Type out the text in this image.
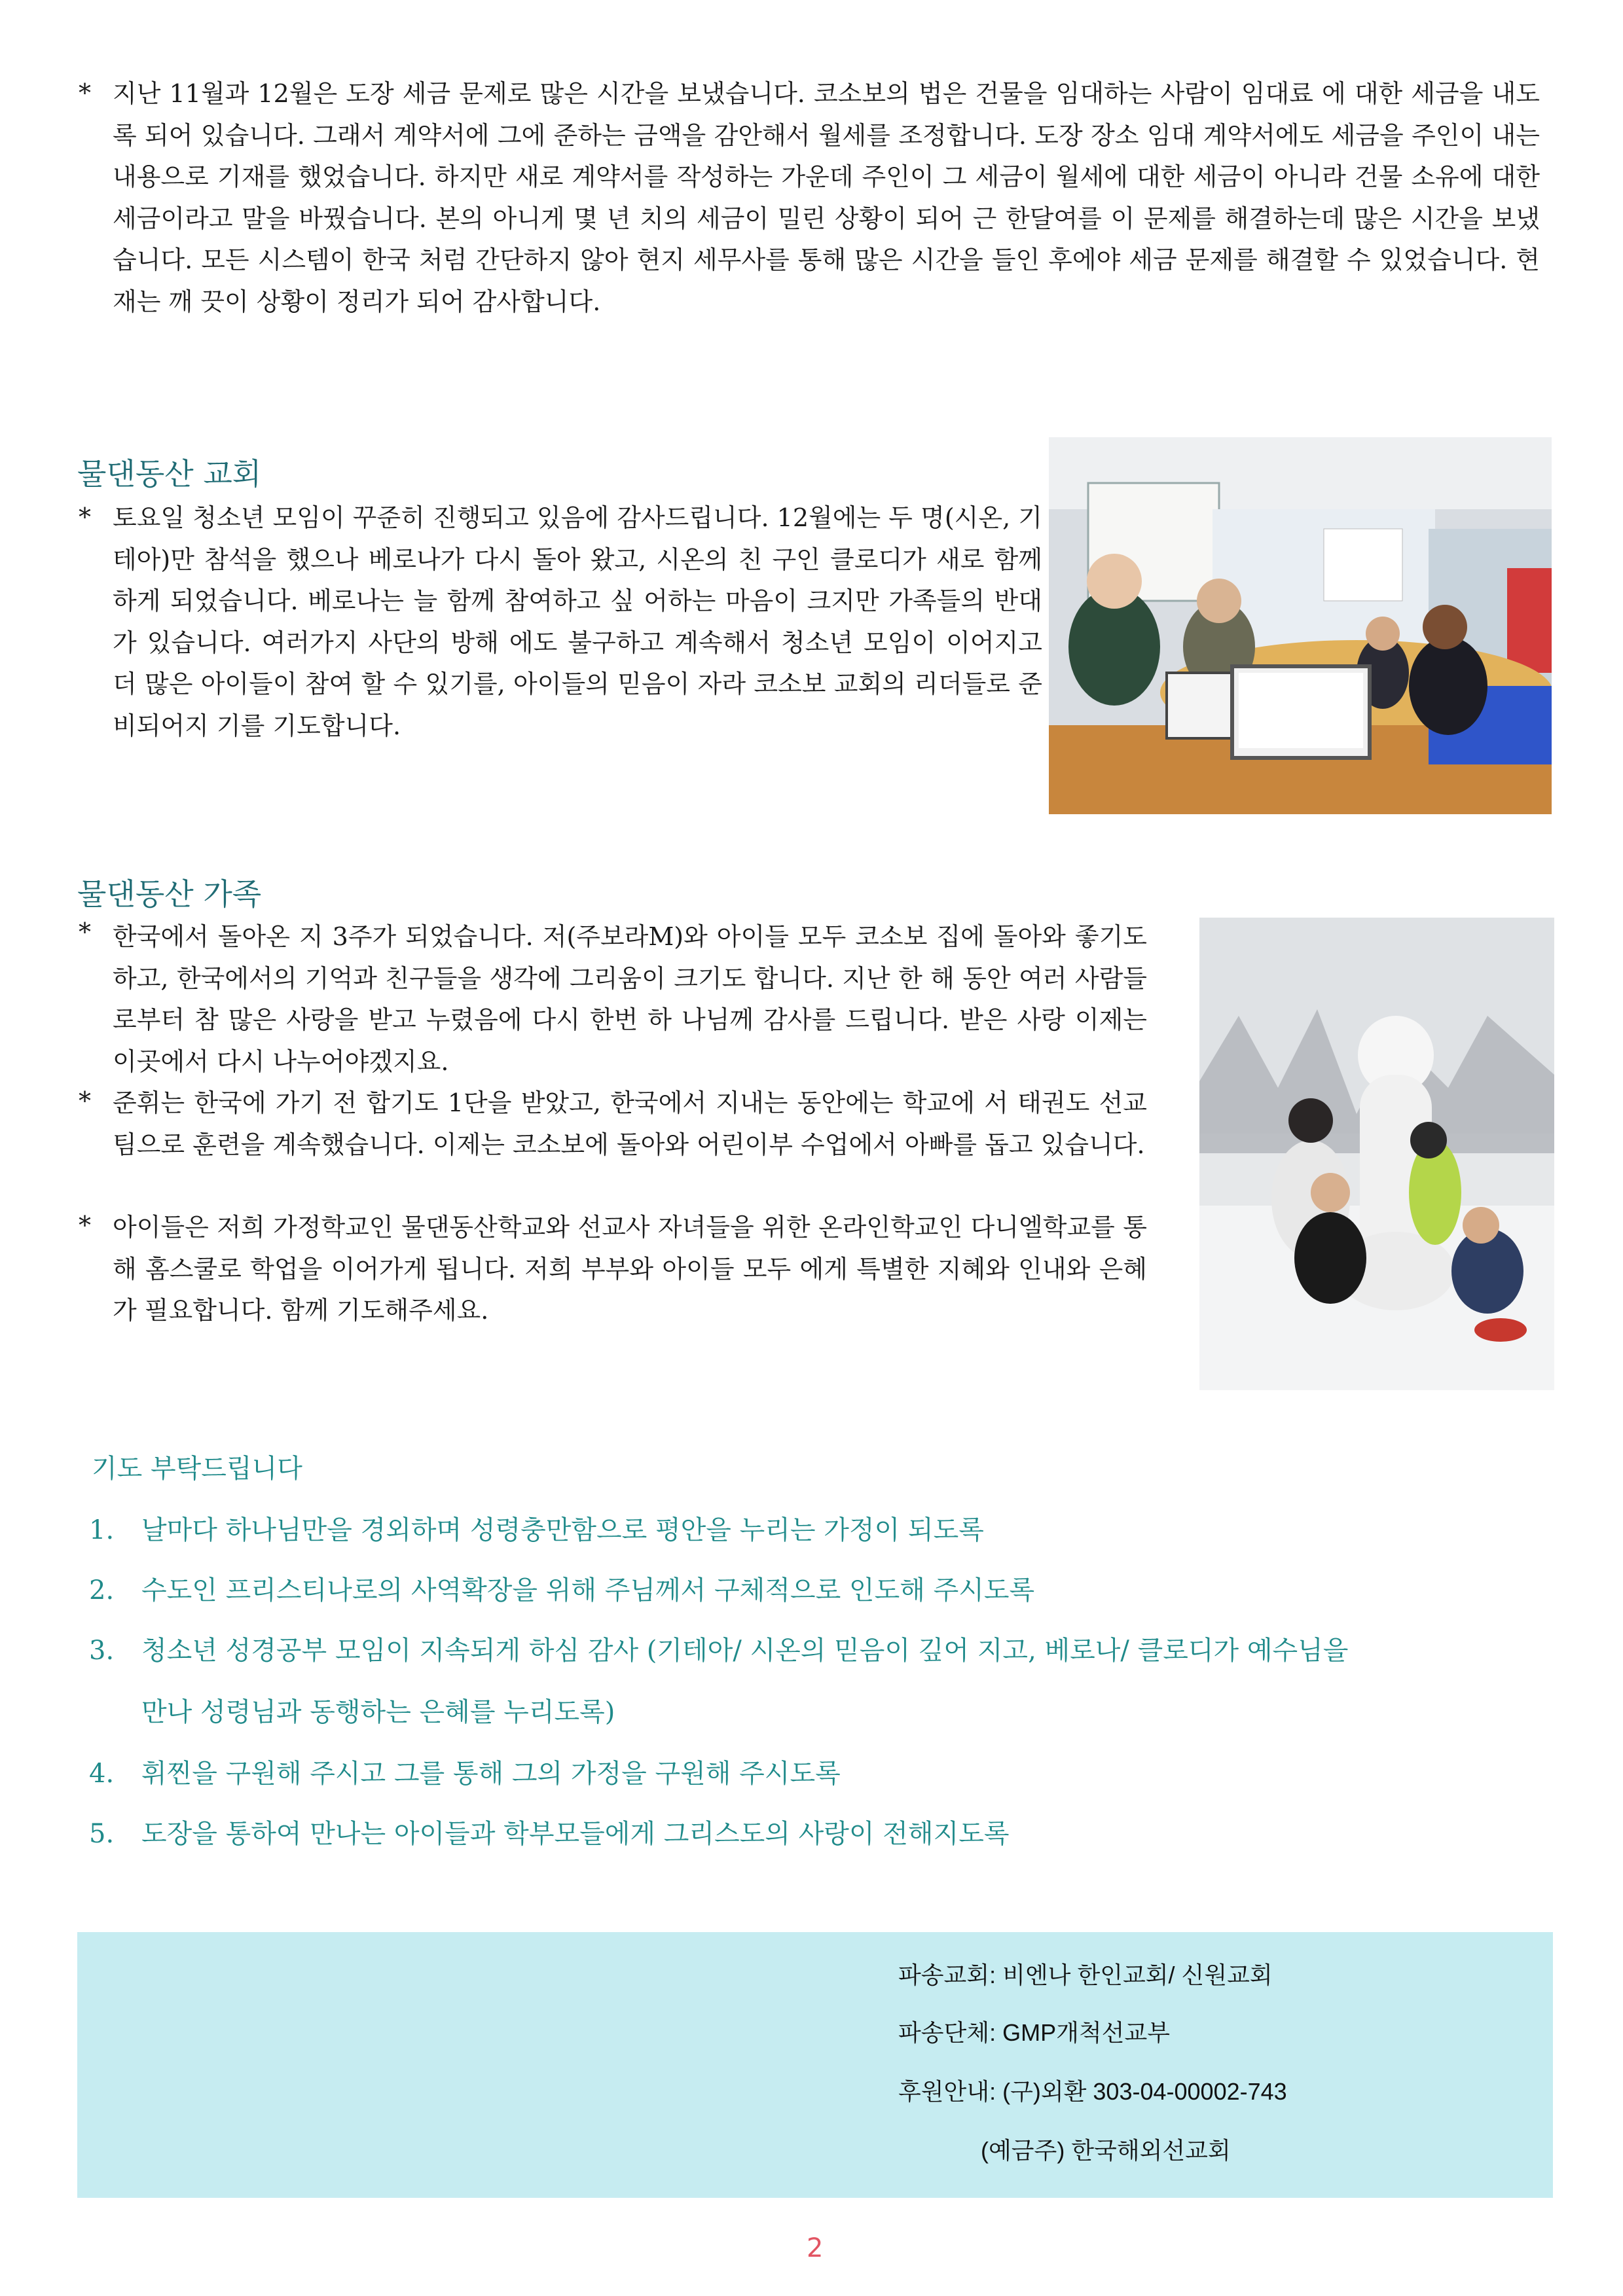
* 지난 11월과 12월은 도장 세금 문제로 많은 시간을 보냈습니다. 코소보의 법은 건물을 임대하는 사람이 임대료 에 대한 세금을 내도록 되어 있습니다. 그래서 계약서에 그에 준하는 금액을 감안해서 월세를 조정합니다. 도장 장소 임대 계약서에도 세금을 주인이 내는 내용으로 기재를 했었습니다. 하지만 새로 계약서를 작성하는 가운데 주인이 그 세금이 월세에 대한 세금이 아니라 건물 소유에 대한 세금이라고 말을 바꿨습니다. 본의 아니게 몇 년 치의 세금이 밀린 상황이 되어 근 한달여를 이 문제를 해결하는데 많은 시간을 보냈습니다. 모든 시스템이 한국 처럼 간단하지 않아 현지 세무사를 통해 많은 시간을 들인 후에야 세금 문제를 해결할 수 있었습니다. 현재는 깨 끗이 상황이 정리가 되어 감사합니다.
물댄동산 교회
* 토요일 청소년 모임이 꾸준히 진행되고 있음에 감사드립니다. 12월에는 두 명(시온, 기테아)만 참석을 했으나 베로나가 다시 돌아 왔고, 시온의 친 구인 클로디가 새로 함께 하게 되었습니다. 베로나는 늘 함께 참여하고 싶 어하는 마음이 크지만 가족들의 반대가 있습니다. 여러가지 사단의 방해 에도 불구하고 계속해서 청소년 모임이 이어지고 더 많은 아이들이 참여 할 수 있기를, 아이들의 믿음이 자라 코소보 교회의 리더들로 준비되어지 기를 기도합니다.
물댄동산 가족
* 한국에서 돌아온 지 3주가 되었습니다. 저(주보라M)와 아이들 모두 코소보 집에 돌아와 좋기도 하고, 한국에서의 기억과 친구들을 생각에 그리움이 크기도 합니다. 지난 한 해 동안 여러 사람들로부터 참 많은 사랑을 받고 누렸음에 다시 한번 하 나님께 감사를 드립니다. 받은 사랑 이제는 이곳에서 다시 나누어야겠지요.
* 준휘는 한국에 가기 전 합기도 1단을 받았고, 한국에서 지내는 동안에는 학교에 서 태권도 선교팀으로 훈련을 계속했습니다. 이제는 코소보에 돌아와 어린이부 수업에서 아빠를 돕고 있습니다.
* 아이들은 저희 가정학교인 물댄동산학교와 선교사 자녀들을 위한 온라인학교인 다니엘학교를 통해 홈스쿨로 학업을 이어가게 됩니다. 저희 부부와 아이들 모두 에게 특별한 지혜와 인내와 은혜가 필요합니다. 함께 기도해주세요.
기도 부탁드립니다
1. 날마다 하나님만을 경외하며 성령충만함으로 평안을 누리는 가정이 되도록
2. 수도인 프리스티나로의 사역확장을 위해 주님께서 구체적으로 인도해 주시도록
3. 청소년 성경공부 모임이 지속되게 하심 감사 (기테아/ 시온의 믿음이 깊어 지고, 베로나/ 클로디가 예수님을
만나 성령님과 동행하는 은혜를 누리도록)
4. 휘찐을 구원해 주시고 그를 통해 그의 가정을 구원해 주시도록
5. 도장을 통하여 만나는 아이들과 학부모들에게 그리스도의 사랑이 전해지도록
파송교회: 비엔나 한인교회/ 신원교회
파송단체: GMP개척선교부
후원안내: (구)외환 303-04-00002-743
(예금주) 한국해외선교회
2
